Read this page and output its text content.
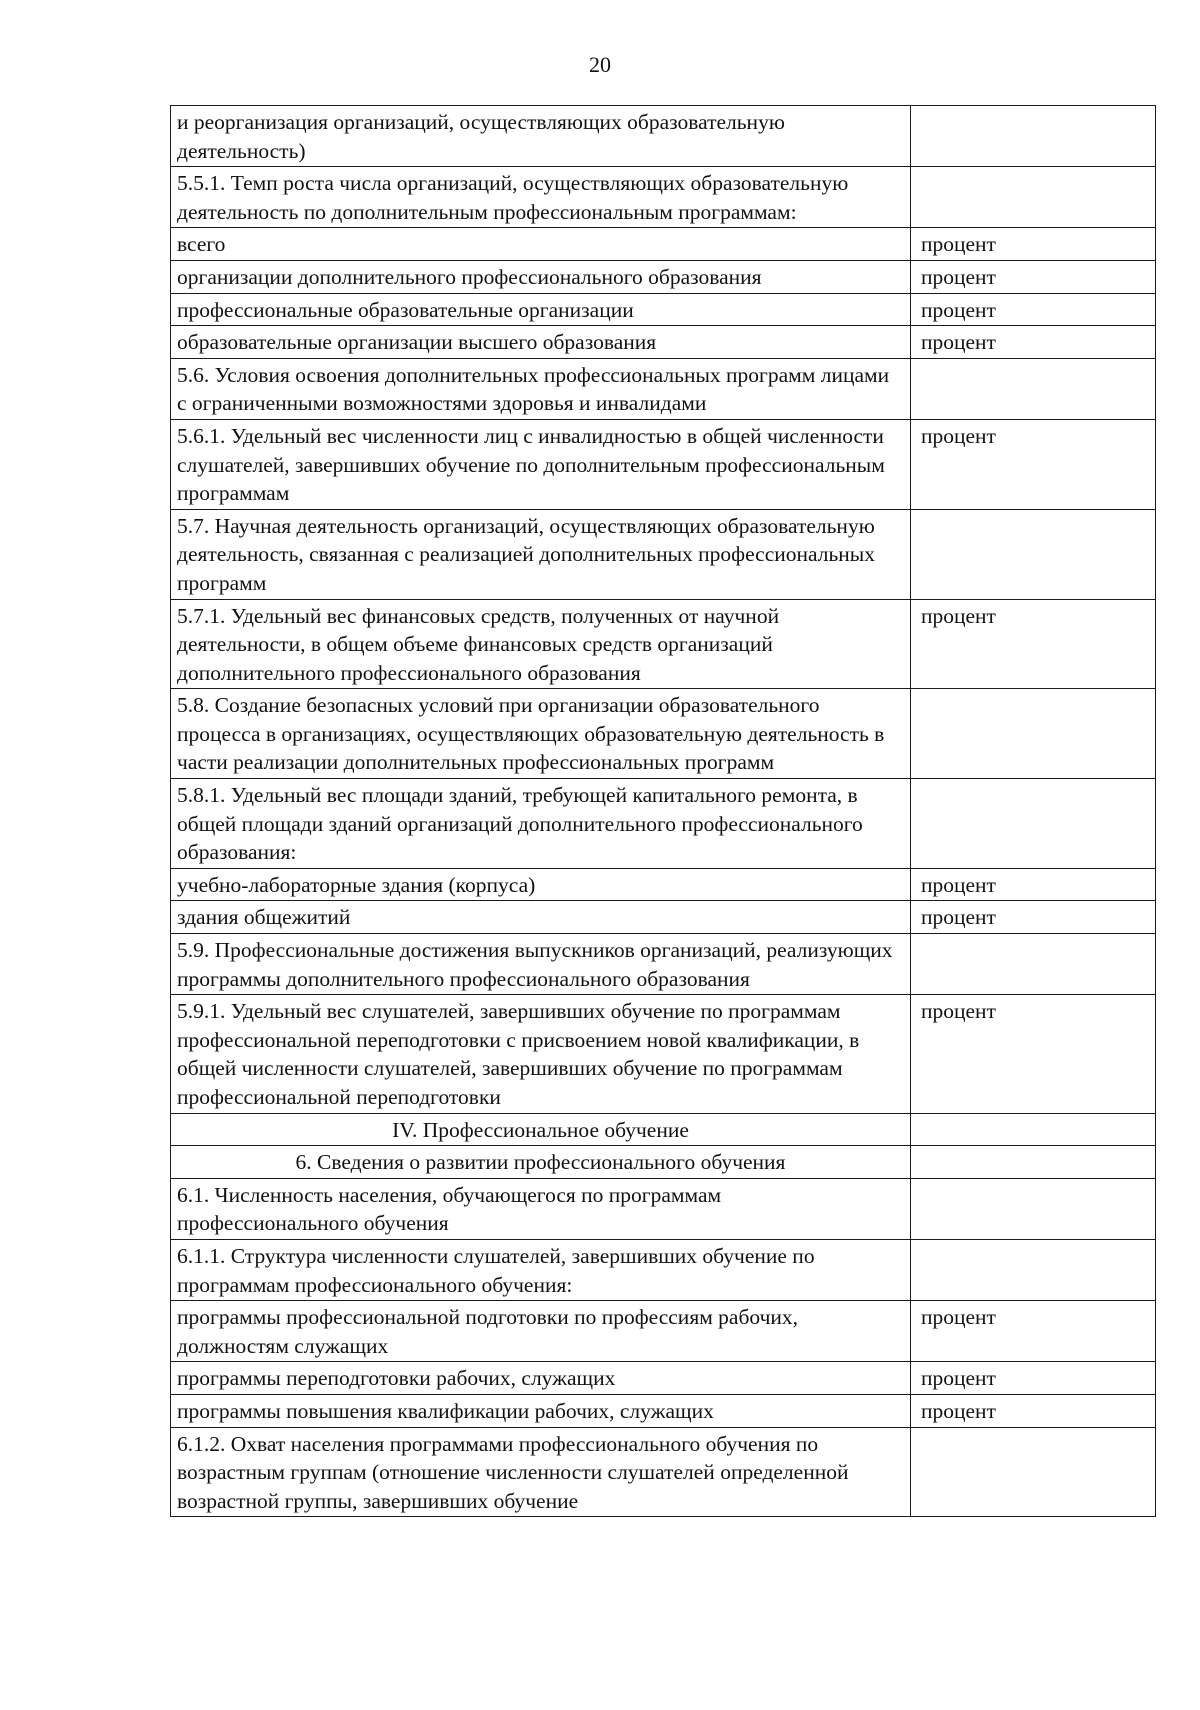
20
и реорганизация организаций, осуществляющих образовательную деятельность)	
5.5.1. Темп роста числа организаций, осуществляющих образовательную деятельность по дополнительным профессиональным программам:	
всего	процент
организации дополнительного профессионального образования	процент
профессиональные образовательные организации	процент
образовательные организации высшего образования	процент
5.6. Условия освоения дополнительных профессиональных программ лицами с ограниченными возможностями здоровья и инвалидами	
5.6.1. Удельный вес численности лиц с инвалидностью в общей численности слушателей, завершивших обучение по дополнительным профессиональным программам	процент
5.7. Научная деятельность организаций, осуществляющих образовательную деятельность, связанная с реализацией дополнительных профессиональных программ	
5.7.1. Удельный вес финансовых средств, полученных от научной деятельности, в общем объеме финансовых средств организаций дополнительного профессионального образования	процент
5.8. Создание безопасных условий при организации образовательного процесса в организациях, осуществляющих образовательную деятельность в части реализации дополнительных профессиональных программ	
5.8.1. Удельный вес площади зданий, требующей капитального ремонта, в общей площади зданий организаций дополнительного профессионального образования:	
учебно-лабораторные здания (корпуса)	процент
здания общежитий	процент
5.9. Профессиональные достижения выпускников организаций, реализующих программы дополнительного профессионального образования	
5.9.1. Удельный вес слушателей, завершивших обучение по программам профессиональной переподготовки с присвоением новой квалификации, в общей численности слушателей, завершивших обучение по программам профессиональной переподготовки	процент
IV. Профессиональное обучение	
6. Сведения о развитии профессионального обучения	
6.1. Численность населения, обучающегося по программам профессионального обучения	
6.1.1. Структура численности слушателей, завершивших обучение по программам профессионального обучения:	
программы профессиональной подготовки по профессиям рабочих, должностям служащих	процент
программы переподготовки рабочих, служащих	процент
программы повышения квалификации рабочих, служащих	процент
6.1.2. Охват населения программами профессионального обучения по возрастным группам (отношение численности слушателей определенной возрастной группы, завершивших обучение	
